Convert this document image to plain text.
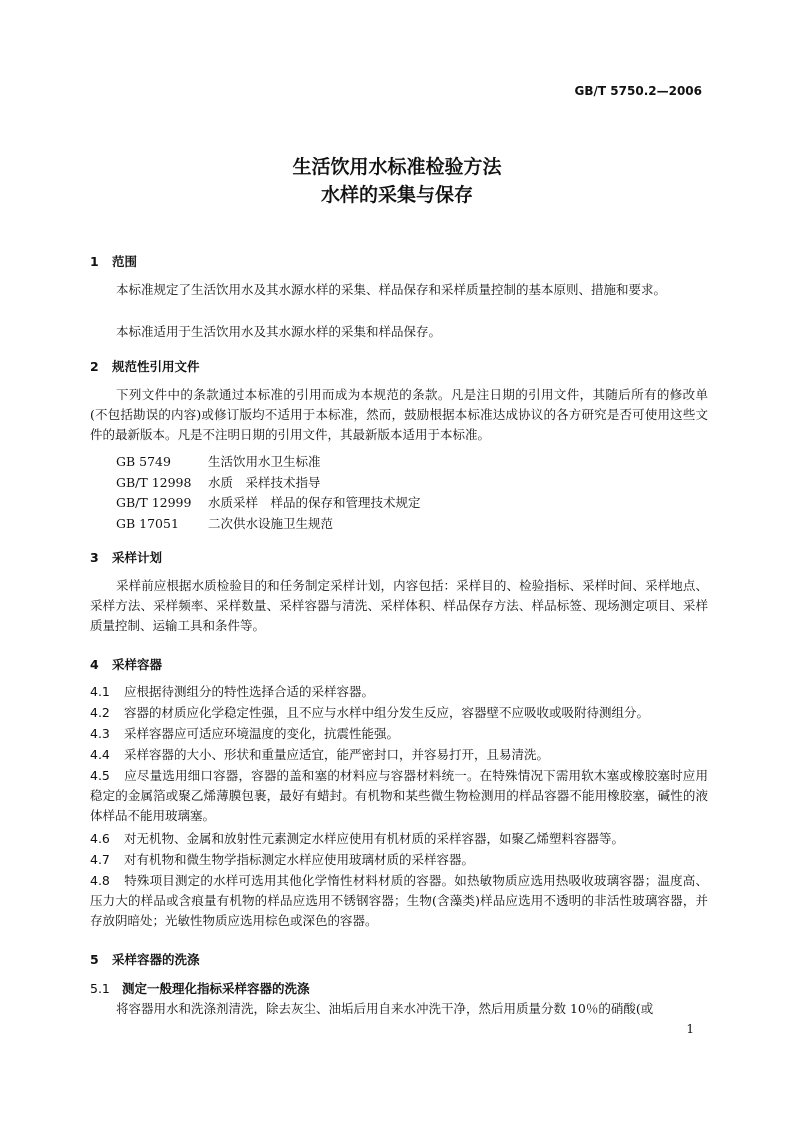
GB/T 5750.2—2006
生活饮用水标准检验方法
水样的采集与保存
1 范围
本标准规定了生活饮用水及其水源水样的采集、样品保存和采样质量控制的基本原则、措施和要求。
本标准适用于生活饮用水及其水源水样的采集和样品保存。
2 规范性引用文件
下列文件中的条款通过本标准的引用而成为本规范的条款。凡是注日期的引用文件，其随后所有的修改单(不包括勘误的内容)或修订版均不适用于本标准，然而，鼓励根据本标准达成协议的各方研究是否可使用这些文件的最新版本。凡是不注明日期的引用文件，其最新版本适用于本标准。
GB 5749	生活饮用水卫生标准
GB/T 12998 水质　采样技术指导
GB/T 12999 水质采样　样品的保存和管理技术规定
GB 17051 二次供水设施卫生规范
3 采样计划
采样前应根据水质检验目的和任务制定采样计划，内容包括：采样目的、检验指标、采样时间、采样地点、采样方法、采样频率、采样数量、采样容器与清洗、采样体积、样品保存方法、样品标签、现场测定项目、采样质量控制、运输工具和条件等。
4 采样容器
4.1 应根据待测组分的特性选择合适的采样容器。
4.2 容器的材质应化学稳定性强，且不应与水样中组分发生反应，容器壁不应吸收或吸附待测组分。
4.3 采样容器应可适应环境温度的变化，抗震性能强。
4.4 采样容器的大小、形状和重量应适宜，能严密封口，并容易打开，且易清洗。
4.5 应尽量选用细口容器，容器的盖和塞的材料应与容器材料统一。在特殊情况下需用软木塞或橡胶塞时应用稳定的金属箔或聚乙烯薄膜包裹，最好有蜡封。有机物和某些微生物检测用的样品容器不能用橡胶塞，碱性的液体样品不能用玻璃塞。
4.6 对无机物、金属和放射性元素测定水样应使用有机材质的采样容器，如聚乙烯塑料容器等。
4.7 对有机物和微生物学指标测定水样应使用玻璃材质的采样容器。
4.8 特殊项目测定的水样可选用其他化学惰性材料材质的容器。如热敏物质应选用热吸收玻璃容器；温度高、压力大的样品或含痕量有机物的样品应选用不锈钢容器；生物(含藻类)样品应选用不透明的非活性玻璃容器，并存放阴暗处；光敏性物质应选用棕色或深色的容器。
5 采样容器的洗涤
5.1 测定一般理化指标采样容器的洗涤
将容器用水和洗涤剂清洗，除去灰尘、油垢后用自来水冲洗干净，然后用质量分数 10％的硝酸(或
1
